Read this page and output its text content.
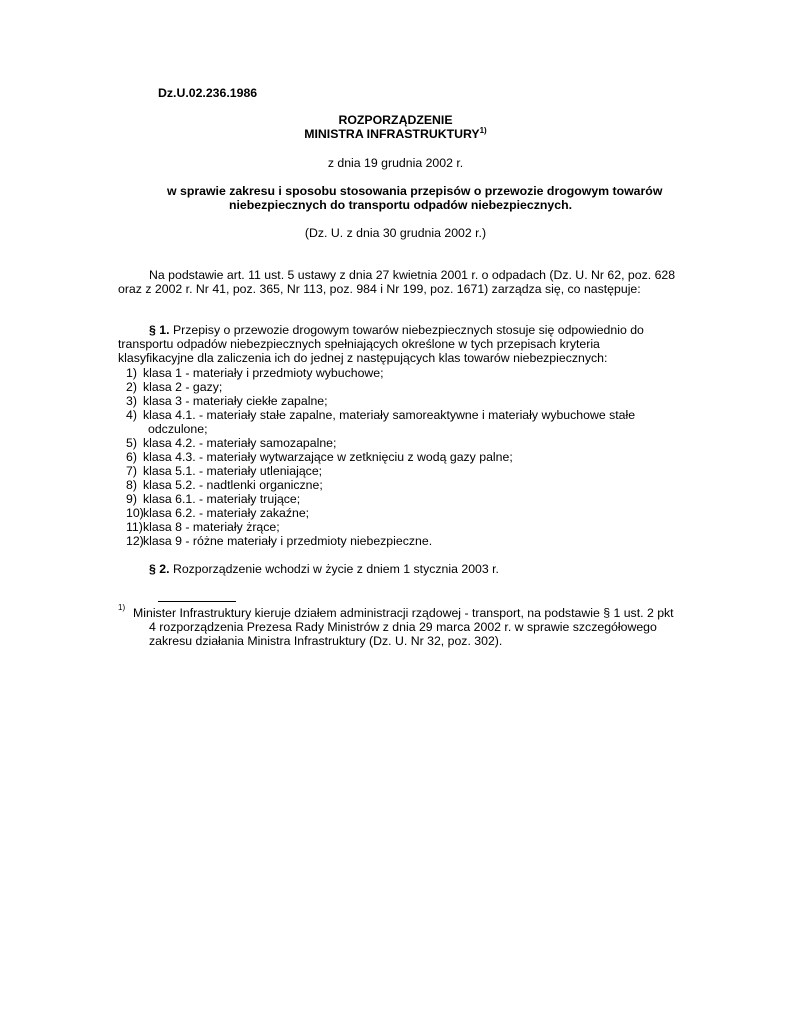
Dz.U.02.236.1986
ROZPORZĄDZENIE
MINISTRA INFRASTRUKTURY$^{1)}$
z dnia 19 grudnia 2002 r.
w sprawie zakresu i sposobu stosowania przepisów o przewozie drogowym towarów
niebezpiecznych do transportu odpadów niebezpiecznych.
(Dz. U. z dnia 30 grudnia 2002 r.)
Na podstawie art. 11 ust. 5 ustawy z dnia 27 kwietnia 2001 r. o odpadach (Dz. U. Nr 62, poz. 628
oraz z 2002 r. Nr 41, poz. 365, Nr 113, poz. 984 i Nr 199, poz. 1671) zarządza się, co następuje:
§ 1. Przepisy o przewozie drogowym towarów niebezpiecznych stosuje się odpowiednio do
transportu odpadów niebezpiecznych spełniających określone w tych przepisach kryteria
klasyfikacyjne dla zaliczenia ich do jednej z następujących klas towarów niebezpiecznych:
1) klasa 1 - materiały i przedmioty wybuchowe;
2) klasa 2 - gazy;
3) klasa 3 - materiały ciekłe zapalne;
4) klasa 4.1. - materiały stałe zapalne, materiały samoreaktywne i materiały wybuchowe stałe
odczulone;
5) klasa 4.2. - materiały samozapalne;
6) klasa 4.3. - materiały wytwarzające w zetknięciu z wodą gazy palne;
7) klasa 5.1. - materiały utleniające;
8) klasa 5.2. - nadtlenki organiczne;
9) klasa 6.1. - materiały trujące;
10)klasa 6.2. - materiały zakaźne;
11)klasa 8 - materiały żrące;
12)klasa 9 - różne materiały i przedmioty niebezpieczne.
§ 2. Rozporządzenie wchodzi w życie z dniem 1 stycznia 2003 r.
1) Minister Infrastruktury kieruje działem administracji rządowej - transport, na podstawie § 1 ust. 2 pkt
4 rozporządzenia Prezesa Rady Ministrów z dnia 29 marca 2002 r. w sprawie szczegółowego
zakresu działania Ministra Infrastruktury (Dz. U. Nr 32, poz. 302).
